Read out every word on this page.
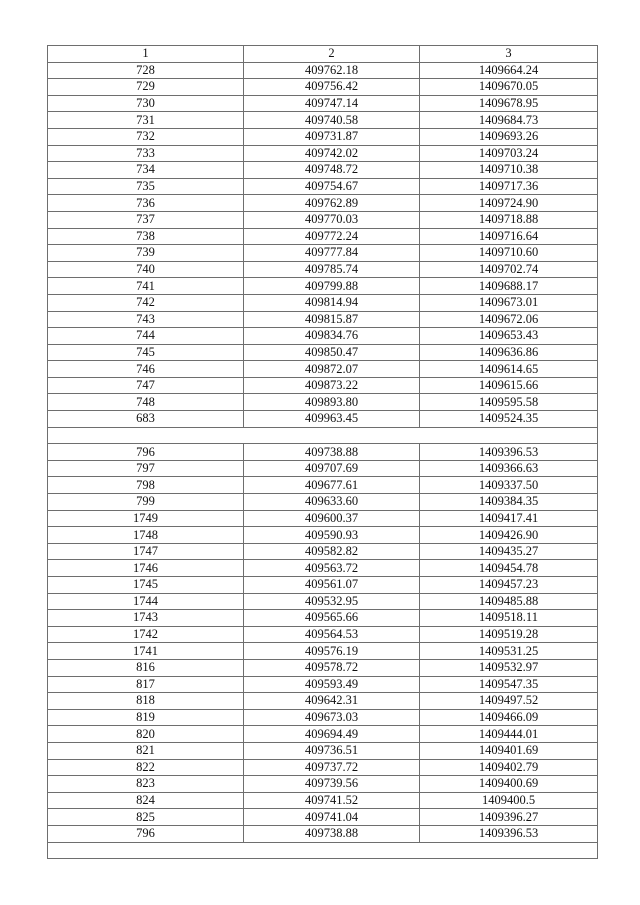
1	2	3
728	409762.18	1409664.24
729	409756.42	1409670.05
730	409747.14	1409678.95
731	409740.58	1409684.73
732	409731.87	1409693.26
733	409742.02	1409703.24
734	409748.72	1409710.38
735	409754.67	1409717.36
736	409762.89	1409724.90
737	409770.03	1409718.88
738	409772.24	1409716.64
739	409777.84	1409710.60
740	409785.74	1409702.74
741	409799.88	1409688.17
742	409814.94	1409673.01
743	409815.87	1409672.06
744	409834.76	1409653.43
745	409850.47	1409636.86
746	409872.07	1409614.65
747	409873.22	1409615.66
748	409893.80	1409595.58
683	409963.45	1409524.35

796	409738.88	1409396.53
797	409707.69	1409366.63
798	409677.61	1409337.50
799	409633.60	1409384.35
1749	409600.37	1409417.41
1748	409590.93	1409426.90
1747	409582.82	1409435.27
1746	409563.72	1409454.78
1745	409561.07	1409457.23
1744	409532.95	1409485.88
1743	409565.66	1409518.11
1742	409564.53	1409519.28
1741	409576.19	1409531.25
816	409578.72	1409532.97
817	409593.49	1409547.35
818	409642.31	1409497.52
819	409673.03	1409466.09
820	409694.49	1409444.01
821	409736.51	1409401.69
822	409737.72	1409402.79
823	409739.56	1409400.69
824	409741.52	1409400.5
825	409741.04	1409396.27
796	409738.88	1409396.53
